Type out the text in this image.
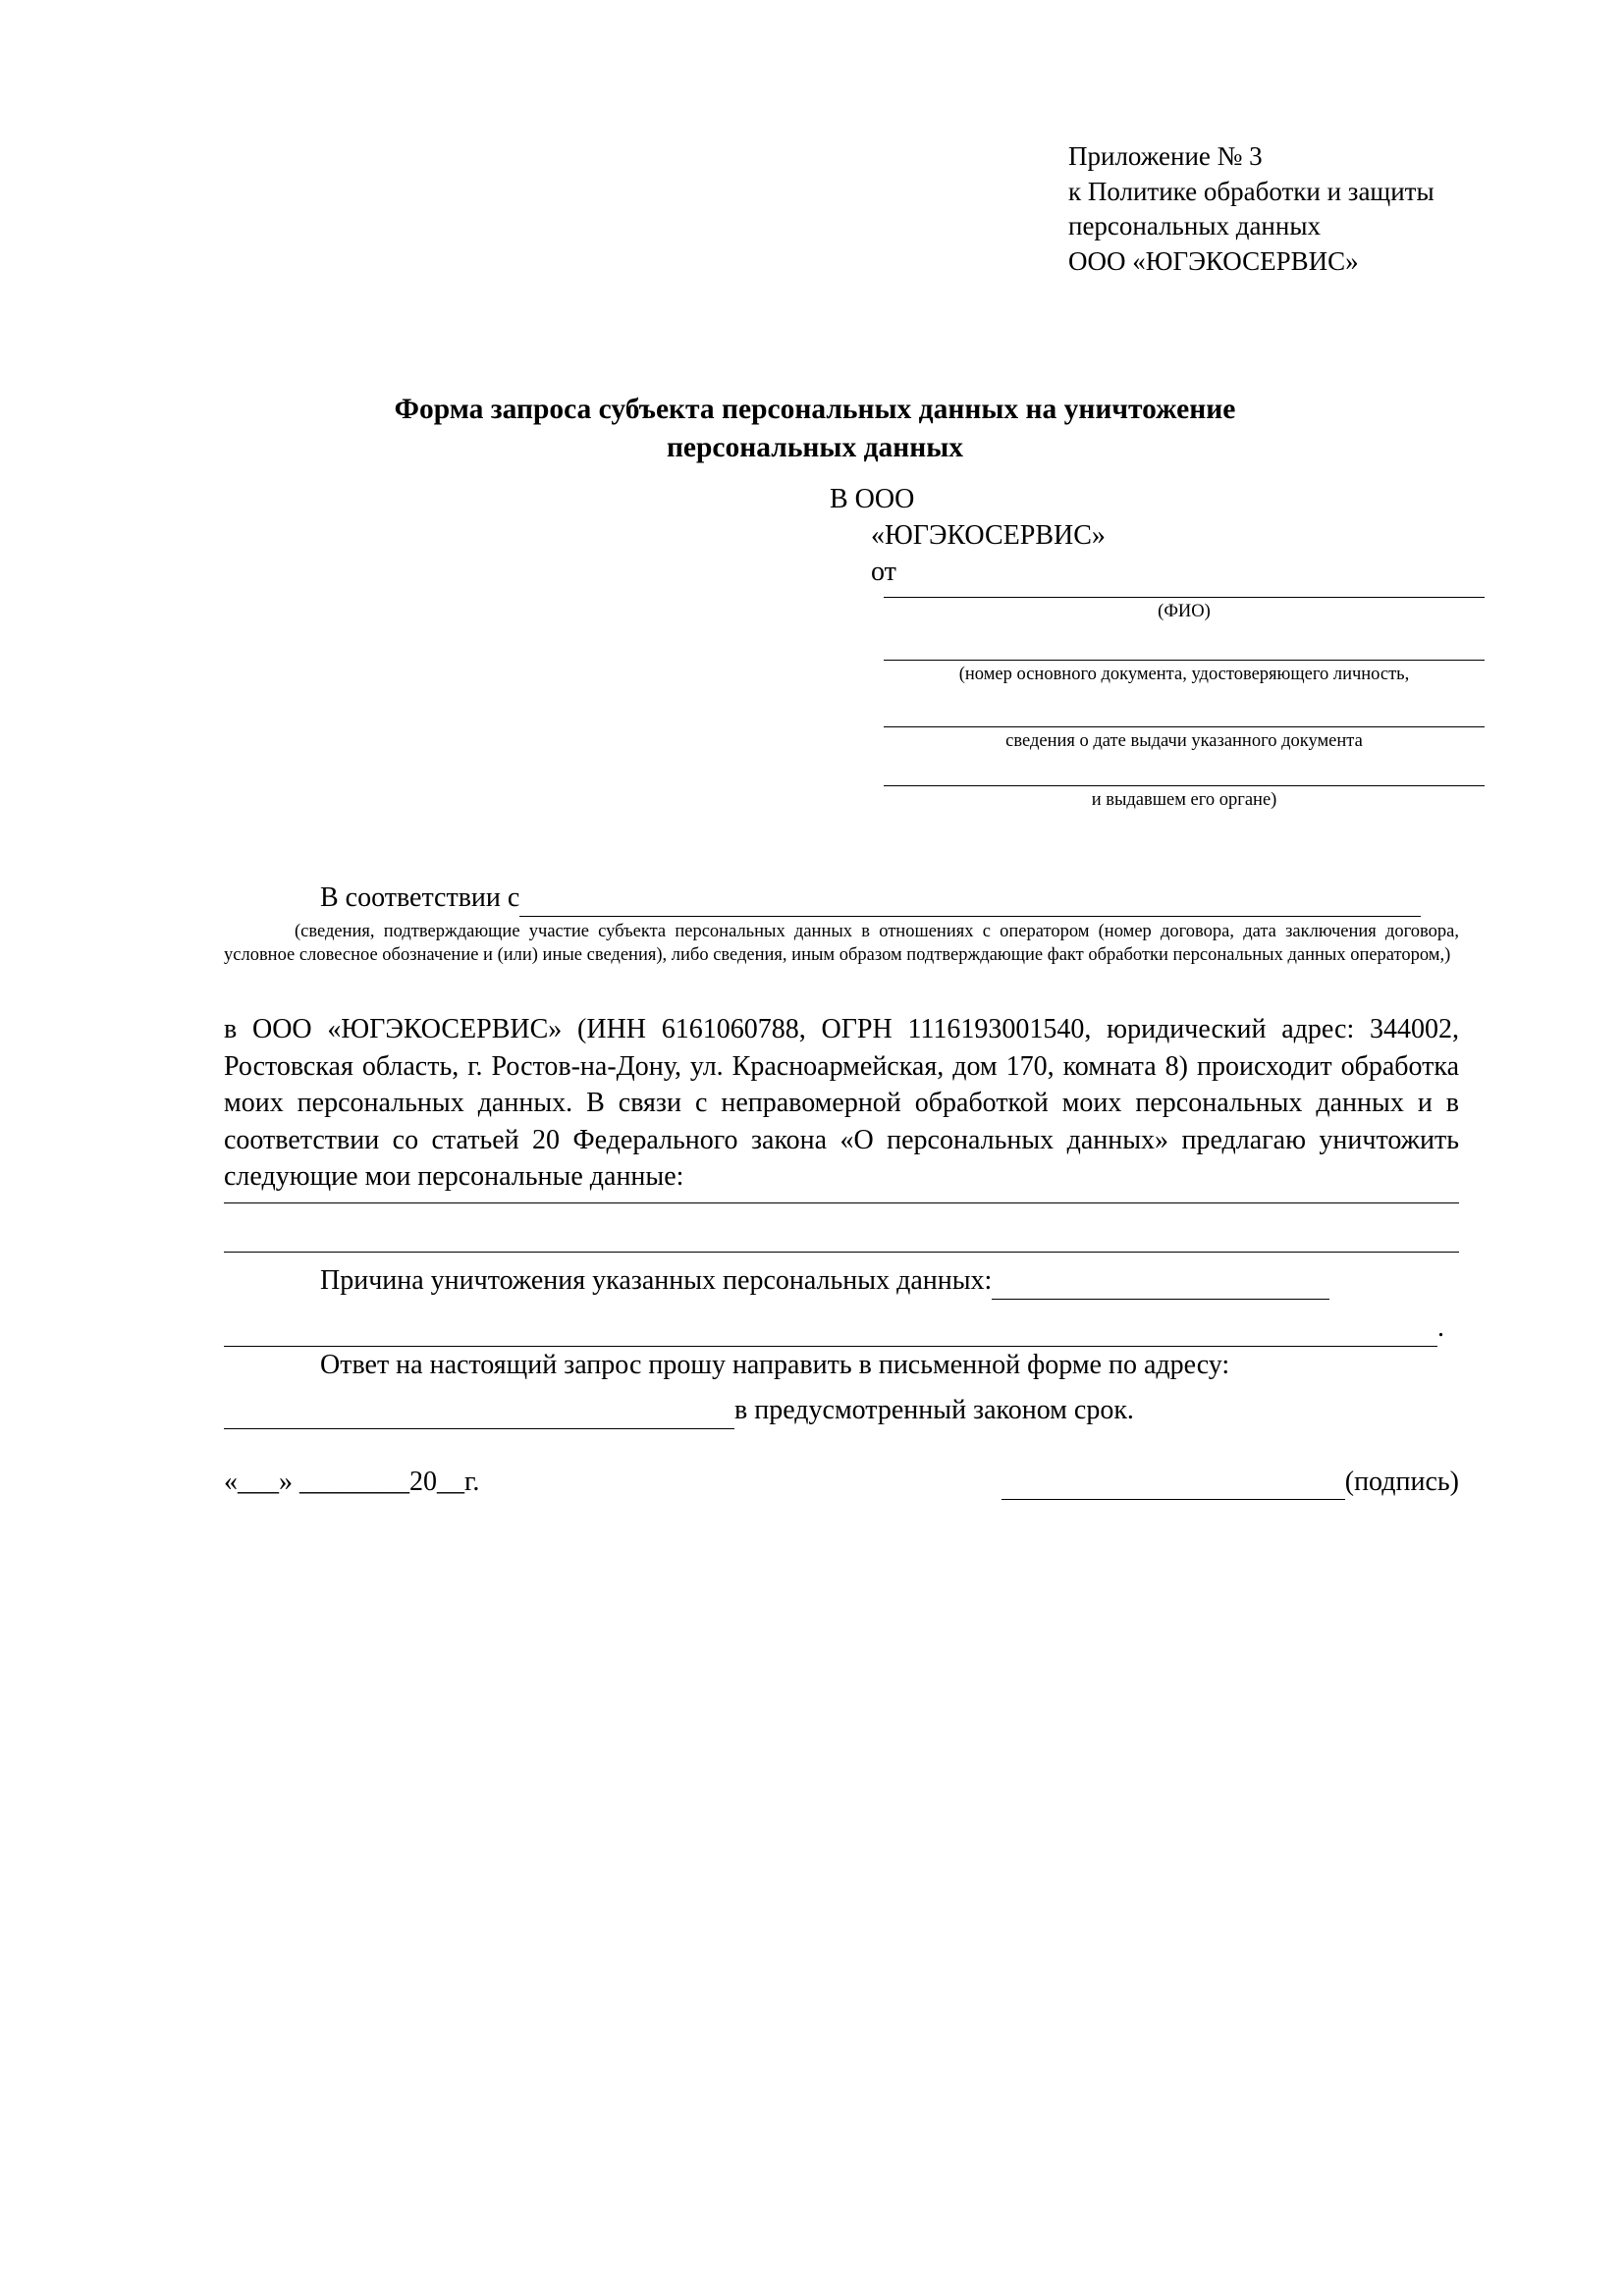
Приложение № 3
к Политике обработки и защиты
персональных данных
ООО «ЮГЭКОСЕРВИС»
Форма запроса субъекта персональных данных на уничтожение
персональных данных
В ООО
«ЮГЭКОСЕРВИС»
от
(ФИО)
(номер основного документа, удостоверяющего личность,
сведения о дате выдачи указанного документа
и выдавшем его органе)
В соответствии с
(сведения, подтверждающие участие субъекта персональных данных в отношениях с оператором (номер договора, дата заключения договора, условное словесное обозначение и (или) иные сведения), либо сведения, иным образом подтверждающие факт обработки персональных данных оператором,)
в ООО «ЮГЭКОСЕРВИС» (ИНН 6161060788, ОГРН 1116193001540, юридический адрес: 344002, Ростовская область, г. Ростов-на-Дону, ул. Красноармейская, дом 170, комната 8) происходит обработка моих персональных данных. В связи с неправомерной обработкой моих персональных данных и в соответствии со статьей 20 Федерального закона «О персональных данных» предлагаю уничтожить следующие мои персональные данные:
Причина уничтожения указанных персональных данных:
.
Ответ на настоящий запрос прошу направить в письменной форме по адресу:
в предусмотренный законом срок.
«___» ________20__г.	(подпись)
